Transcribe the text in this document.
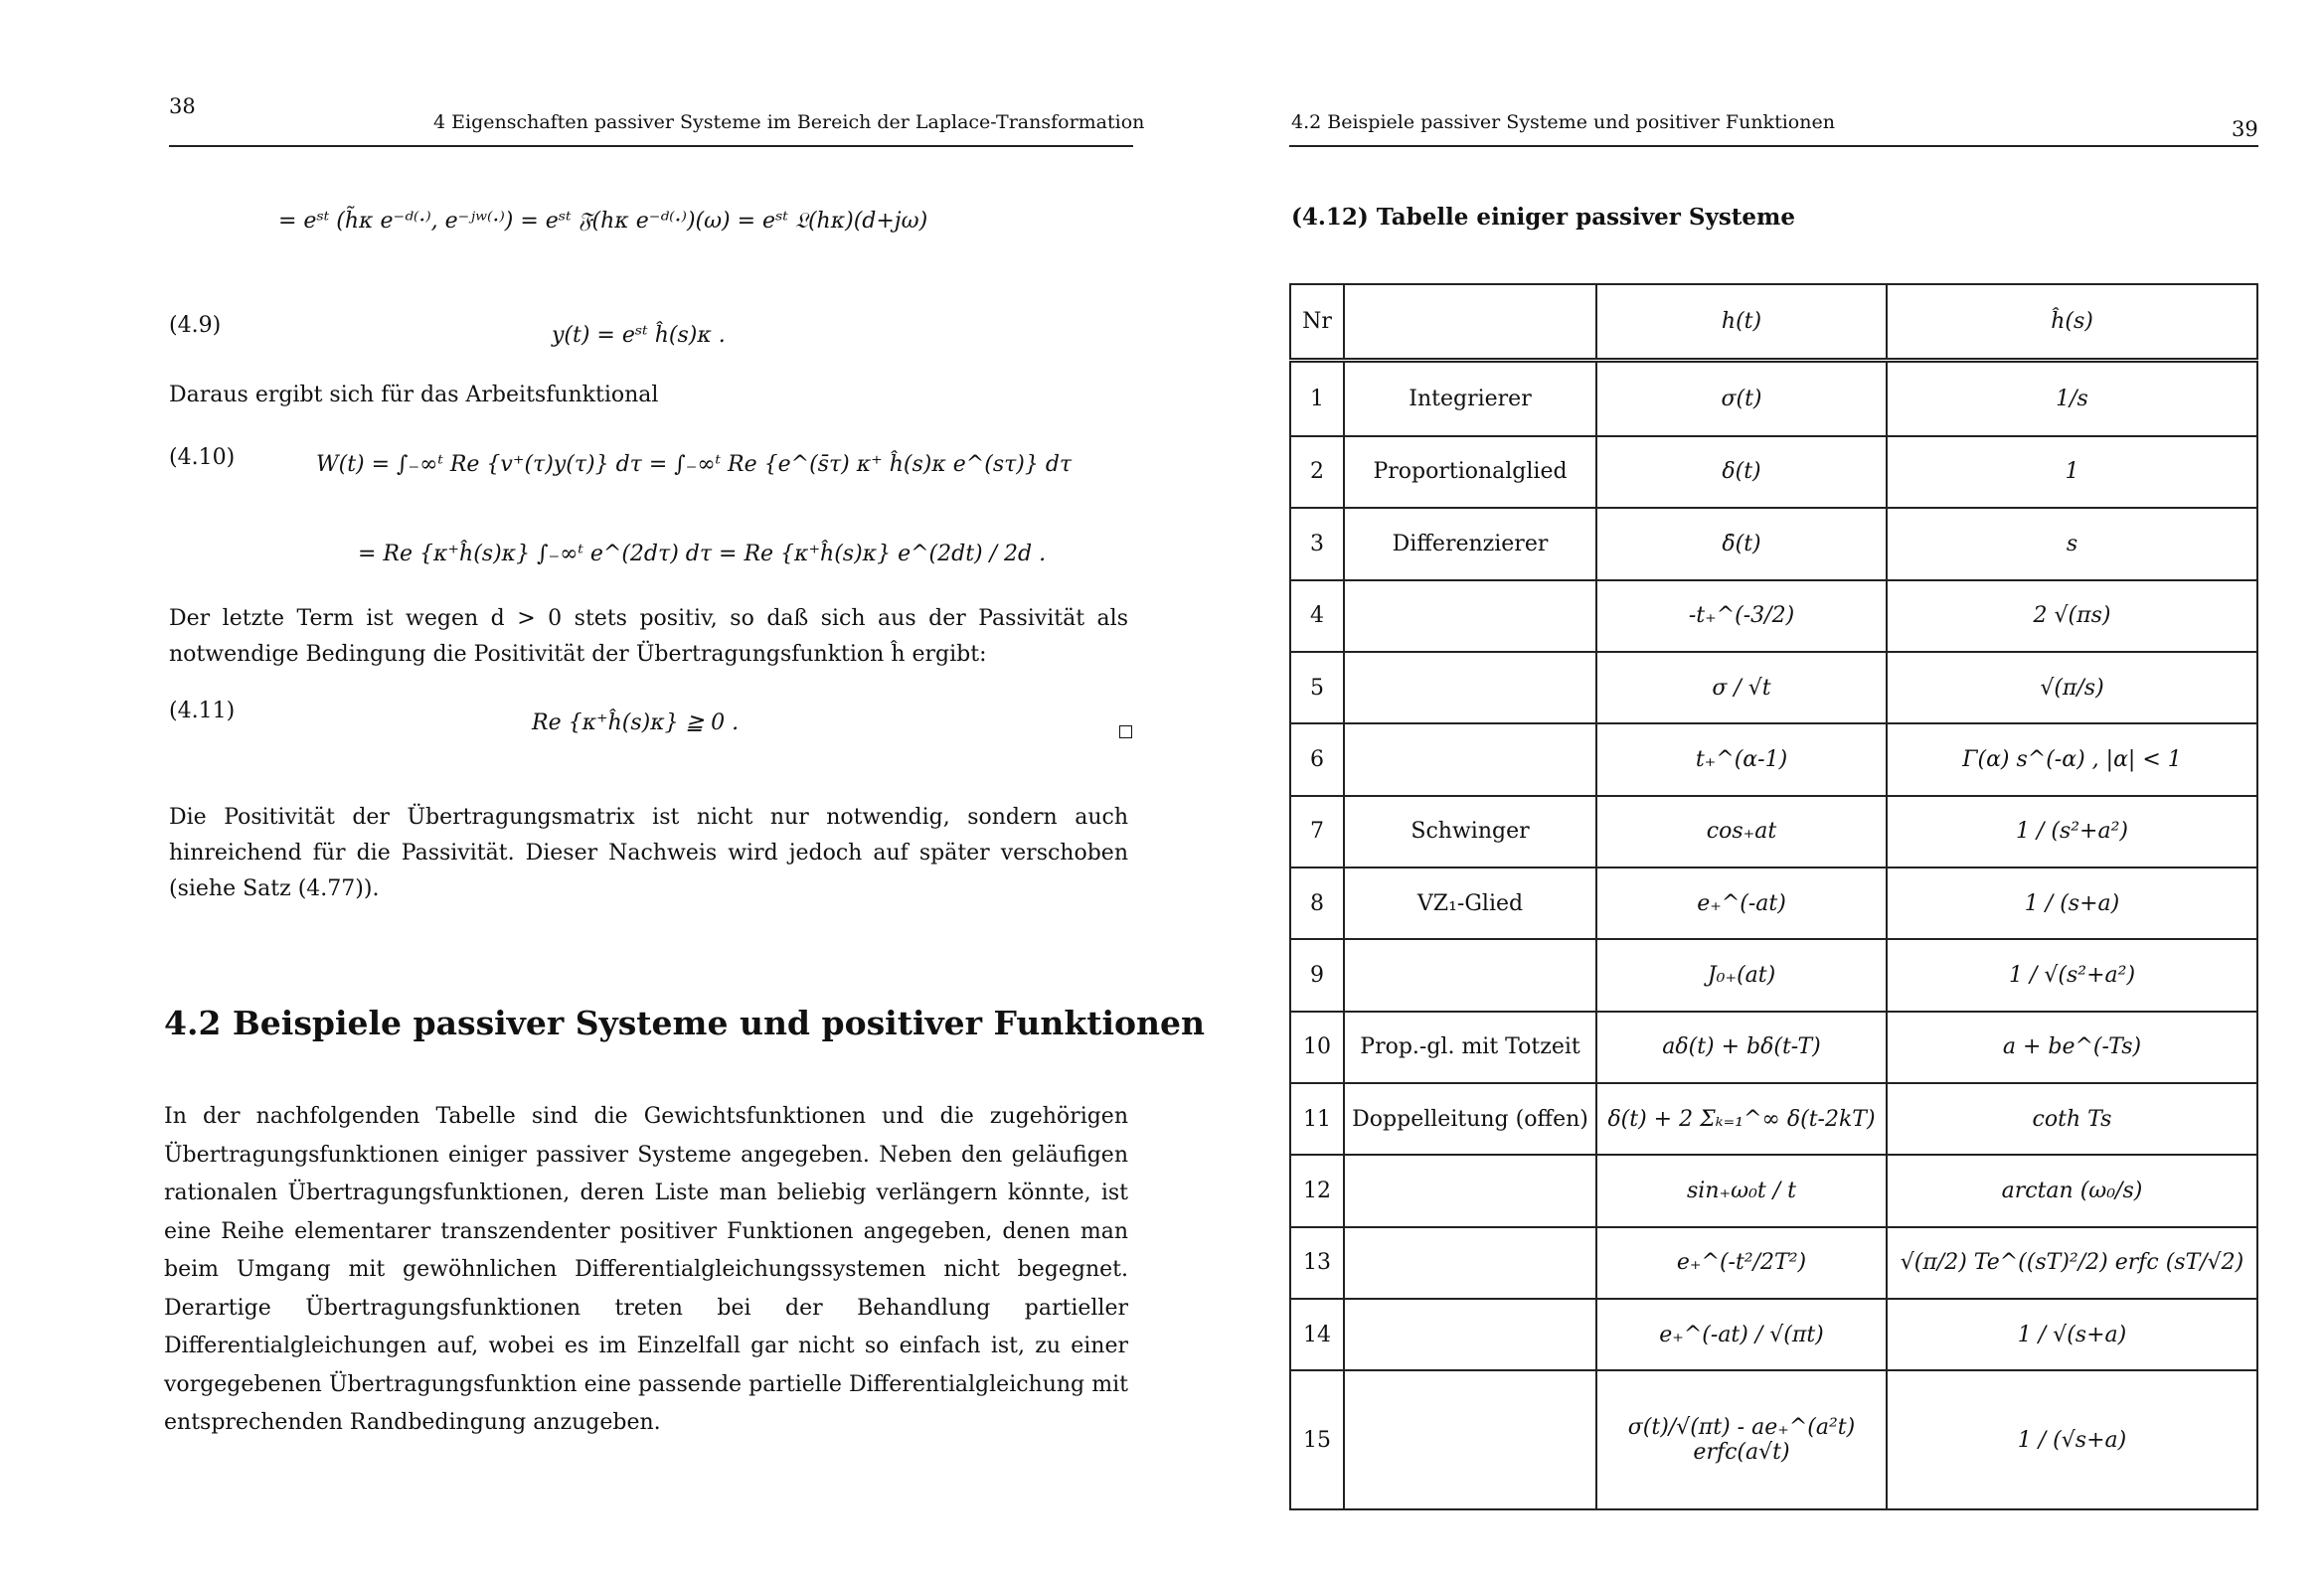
38
4 Eigenschaften passiver Systeme im Bereich der Laplace-Transformation
= eˢᵗ (h̃κ e⁻ᵈ⁽·⁾, e⁻ʲʷ⁽·⁾) = eˢᵗ 𝔉(hκ e⁻ᵈ⁽·⁾)(ω) = eˢᵗ 𝔏(hκ)(d+jω)
(4.9)	y(t) = eˢᵗ ĥ(s)κ .
Daraus ergibt sich für das Arbeitsfunktional
(4.10)	W(t) = ∫₋∞ᵗ Re {v⁺(τ)y(τ)} dτ = ∫₋∞ᵗ Re {e^(s̄τ) κ⁺ ĥ(s)κ e^(sτ)} dτ
= Re {κ⁺ĥ(s)κ} ∫₋∞ᵗ e^(2dτ) dτ = Re {κ⁺ĥ(s)κ} e^(2dt) / 2d .
Der letzte Term ist wegen d > 0 stets positiv, so daß sich aus der Passivität als notwendige Bedingung die Positivität der Übertragungsfunktion ĥ ergibt:
(4.11)	Re {κ⁺ĥ(s)κ} ≧ 0 .
Die Positivität der Übertragungsmatrix ist nicht nur notwendig, sondern auch hinreichend für die Passivität. Dieser Nachweis wird jedoch auf später verschoben (siehe Satz (4.77)).
4.2 Beispiele passiver Systeme und positiver Funktionen
In der nachfolgenden Tabelle sind die Gewichtsfunktionen und die zugehörigen Übertragungsfunktionen einiger passiver Systeme angegeben. Neben den geläufigen rationalen Übertragungsfunktionen, deren Liste man beliebig verlängern könnte, ist eine Reihe elementarer transzendenter positiver Funktionen angegeben, denen man beim Umgang mit gewöhnlichen Differentialgleichungssystemen nicht begegnet. Derartige Übertragungsfunktionen treten bei der Behandlung partieller Differentialgleichungen auf, wobei es im Einzelfall gar nicht so einfach ist, zu einer vorgegebenen Übertragungsfunktion eine passende partielle Differentialgleichung mit entsprechenden Randbedingung anzugeben.
4.2 Beispiele passiver Systeme und positiver Funktionen	39
(4.12) Tabelle einiger passiver Systeme
Nr		h(t)	ĥ(s)
1	Integrierer	σ(t)	1/s
2	Proportionalglied	δ(t)	1
3	Differenzierer	δ̇(t)	s
4		-t₊^(-3/2)	2 √(πs)
5		σ / √t	√(π/s)
6		t₊^(α-1)	Γ(α) s^(-α) , |α| < 1
7	Schwinger	cos₊at	1 / (s²+a²)
8	VZ₁-Glied	e₊^(-at)	1 / (s+a)
9		J₀₊(at)	1 / √(s²+a²)
10	Prop.-gl. mit Totzeit	aδ(t) + bδ(t-T)	a + be^(-Ts)
11	Doppelleitung (offen)	δ(t) + 2 Σₖ₌₁^∞ δ(t-2kT)	coth Ts
12		sin₊ω₀t / t	arctan (ω₀/s)
13		e₊^(-t²/2T²)	√(π/2) Te^((sT)²/2) erfc (sT/√2)
14		e₊^(-at) / √(πt)	1 / √(s+a)
15		σ(t)/√(πt) - ae₊^(a²t) erfc(a√t)	1 / (√s+a)
